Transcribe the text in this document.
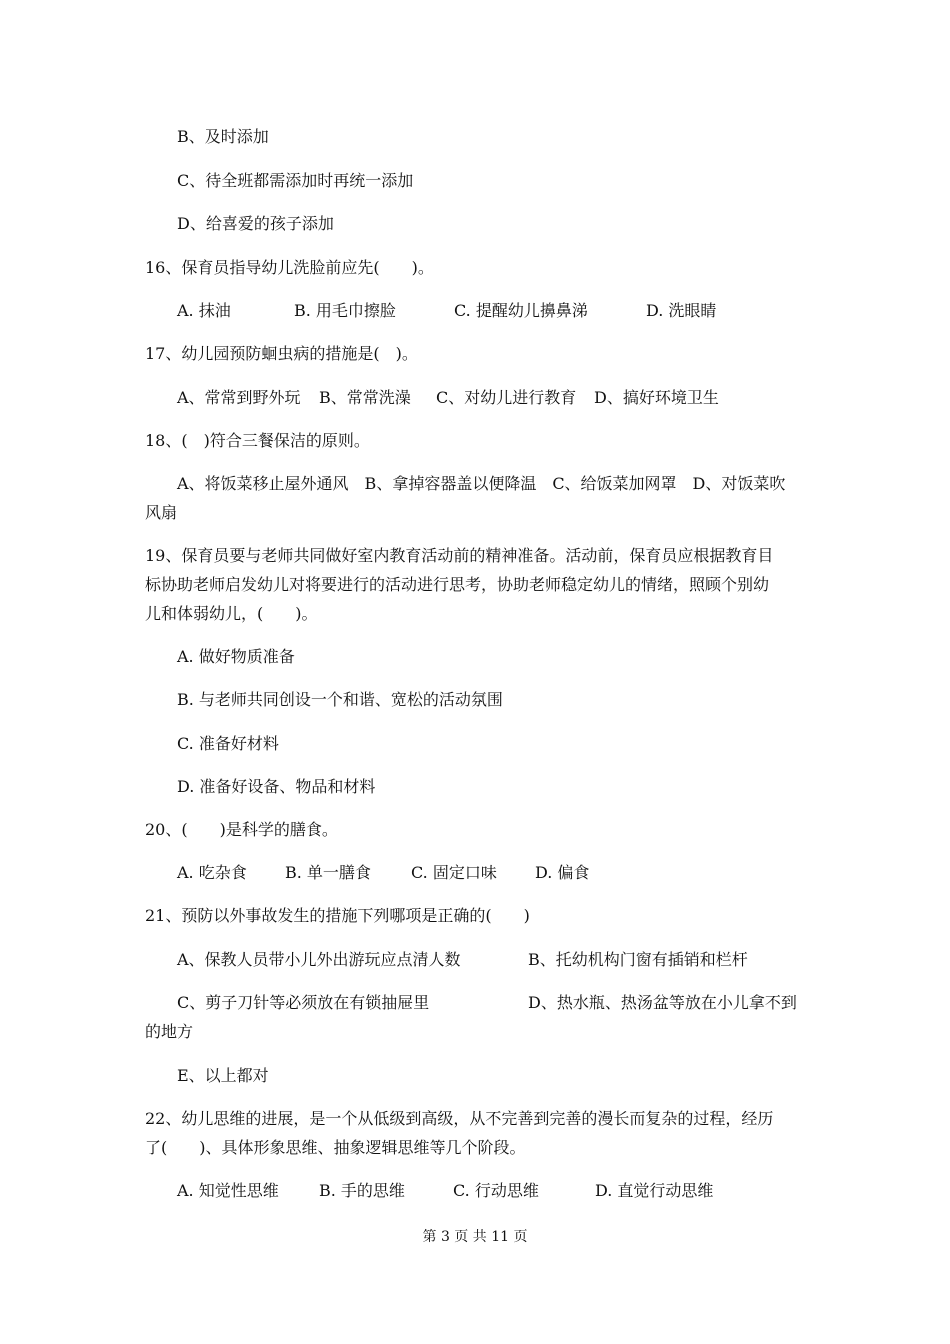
B、及时添加
C、待全班都需添加时再统一添加
D、给喜爱的孩子添加
16、保育员指导幼儿洗脸前应先(　　)。
A. 抹油	B. 用毛巾擦脸	C. 提醒幼儿擤鼻涕	D. 洗眼睛
17、幼儿园预防蛔虫病的措施是(　)。
A、常常到野外玩	B、常常洗澡	C、对幼儿进行教育	D、搞好环境卫生
18、(　)符合三餐保洁的原则。
A、将饭菜移止屋外通风　B、拿掉容器盖以便降温　C、给饭菜加网罩　D、对饭菜吹
风扇
19、保育员要与老师共同做好室内教育活动前的精神准备。活动前，保育员应根据教育目
标协助老师启发幼儿对将要进行的活动进行思考，协助老师稳定幼儿的情绪，照顾个别幼
儿和体弱幼儿，(　　)。
A. 做好物质准备
B. 与老师共同创设一个和谐、宽松的活动氛围
C. 准备好材料
D. 准备好设备、物品和材料
20、(　　)是科学的膳食。
A. 吃杂食	B. 单一膳食	C. 固定口味	D. 偏食
21、预防以外事故发生的措施下列哪项是正确的(　　)
A、保教人员带小儿外出游玩应点清人数	B、托幼机构门窗有插销和栏杆
C、剪子刀针等必须放在有锁抽屉里	D、热水瓶、热汤盆等放在小儿拿不到
的地方
E、以上都对
22、幼儿思维的进展，是一个从低级到高级，从不完善到完善的漫长而复杂的过程，经历
了(　　)、具体形象思维、抽象逻辑思维等几个阶段。
A. 知觉性思维	B. 手的思维	C. 行动思维	D. 直觉行动思维
第 3 页 共 11 页
